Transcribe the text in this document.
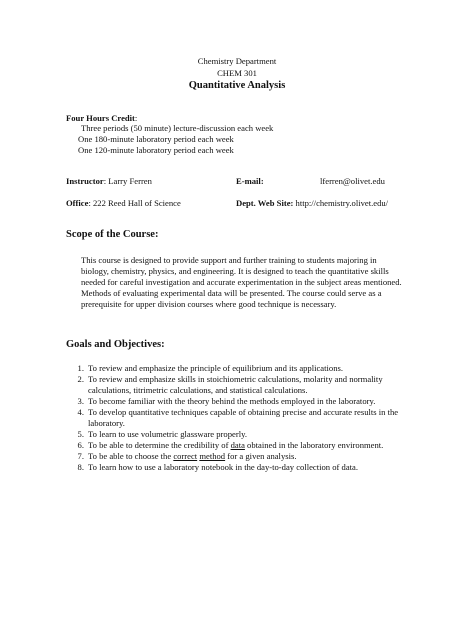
Chemistry Department
CHEM 301
Quantitative Analysis
Four Hours Credit:
Three periods (50 minute) lecture-discussion each week
One 180-minute laboratory period each week
One 120-minute laboratory period each week
Instructor: Larry Ferren	E-mail:	lferren@olivet.edu
Office: 222 Reed Hall of Science	Dept. Web Site: http://chemistry.olivet.edu/
Scope of the Course:
This course is designed to provide support and further training to students majoring in biology, chemistry, physics, and engineering. It is designed to teach the quantitative skills needed for careful investigation and accurate experimentation in the subject areas mentioned. Methods of evaluating experimental data will be presented. The course could serve as a prerequisite for upper division courses where good technique is necessary.
Goals and Objectives:
1. To review and emphasize the principle of equilibrium and its applications.
2. To review and emphasize skills in stoichiometric calculations, molarity and normality calculations, titrimetric calculations, and statistical calculations.
3. To become familiar with the theory behind the methods employed in the laboratory.
4. To develop quantitative techniques capable of obtaining precise and accurate results in the laboratory.
5. To learn to use volumetric glassware properly.
6. To be able to determine the credibility of data obtained in the laboratory environment.
7. To be able to choose the correct method for a given analysis.
8. To learn how to use a laboratory notebook in the day-to-day collection of data.
